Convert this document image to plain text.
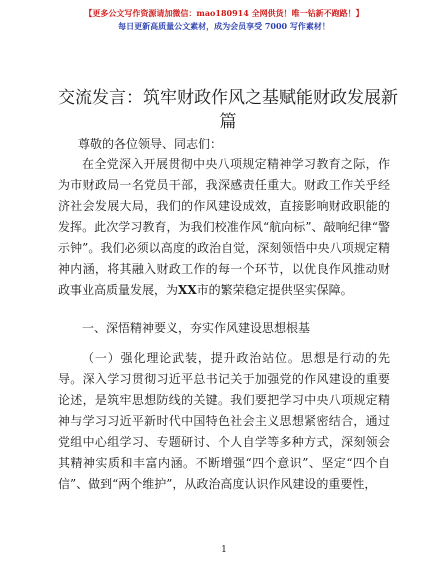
【更多公文写作资源请加微信：mao180914 全网供货！唯一钻新不跑路！】
每日更新高质量公文素材，成为会员享受 7000 写作素材！
交流发言：筑牢财政作风之基赋能财政发展新篇
尊敬的各位领导、同志们：
在全党深入开展贯彻中央八项规定精神学习教育之际，作为市财政局一名党员干部，我深感责任重大。财政工作关乎经济社会发展大局，我们的作风建设成效，直接影响财政职能的发挥。此次学习教育，为我们校准作风“航向标”、敲响纪律“警示钟”。我们必须以高度的政治自觉，深刻领悟中央八项规定精神内涵，将其融入财政工作的每一个环节，以优良作风推动财政事业高质量发展，为XX市的繁荣稳定提供坚实保障。
一、深悟精神要义，夯实作风建设思想根基
（一）强化理论武装，提升政治站位。思想是行动的先导。深入学习贯彻习近平总书记关于加强党的作风建设的重要论述，是筑牢思想防线的关键。我们要把学习中央八项规定精神与学习习近平新时代中国特色社会主义思想紧密结合，通过党组中心组学习、专题研讨、个人自学等多种方式，深刻领会其精神实质和丰富内涵。不断增强“四个意识”、坚定“四个自信”、做到“两个维护”，从政治高度认识作风建设的重要性，
1
